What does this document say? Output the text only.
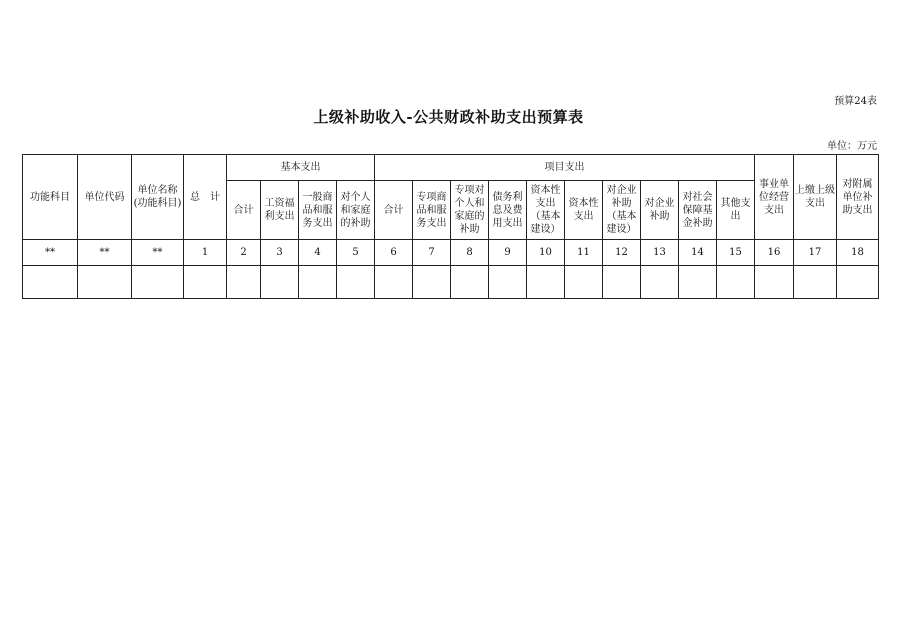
预算24表
上级补助收入-公共财政补助支出预算表
单位：万元
功能科目	单位代码	单位名称(功能科目)	总　计	基本支出				项目支出										事业单位经营支出	上缴上级支出	对附属单位补助支出
				合计	工资福利支出	一般商品和服务支出	对个人和家庭的补助	合计	专项商品和服务支出	专项对个人和家庭的补助	债务利息及费用支出	资本性支出（基本建设）	资本性支出	对企业补助（基本建设）	对企业补助	对社会保障基金补助	其他支出			
**	**	**	1	2	3	4	5	6	7	8	9	10	11	12	13	14	15	16	17	18
